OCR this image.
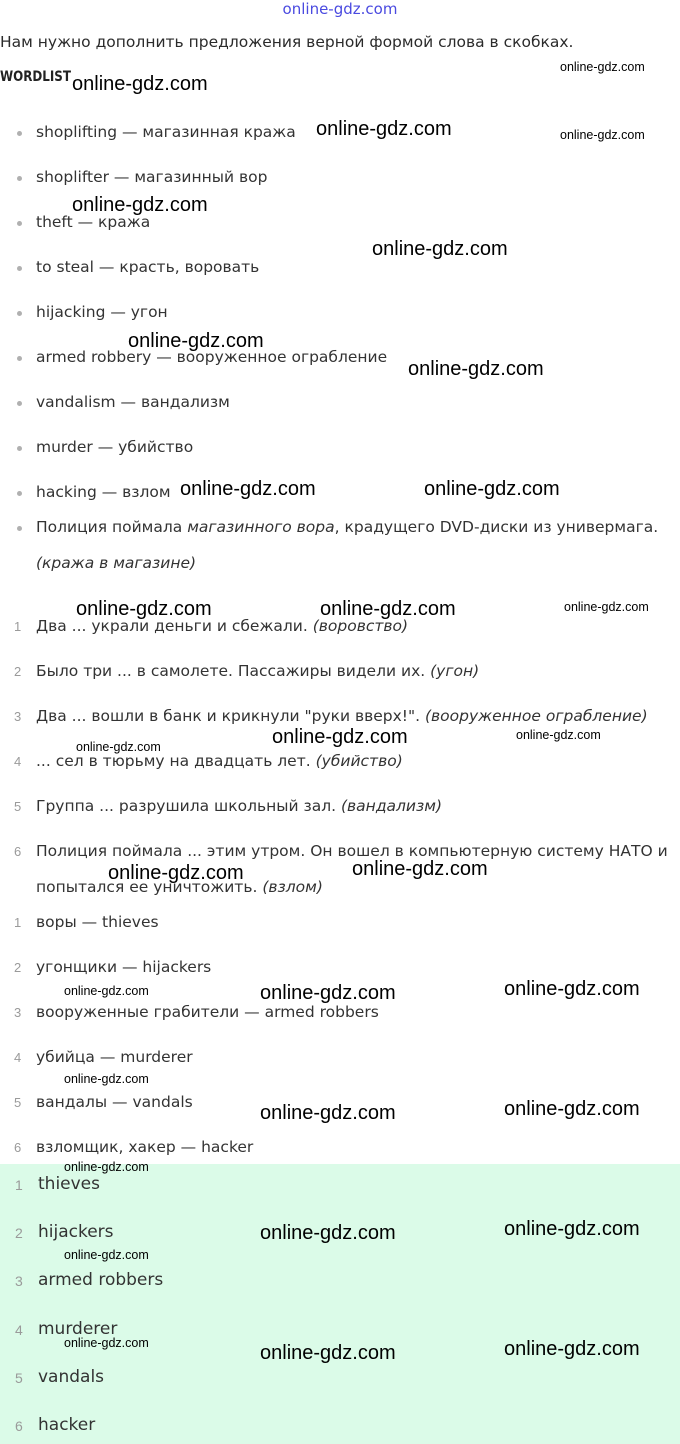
online-gdz.com
Нам нужно дополнить предложения верной формой слова в скобках.
WORDLIST
shoplifting — магазинная кража
shoplifter — магазинный вор
theft — кража
to steal — красть, воровать
hijacking — угон
armed robbery — вооруженное ограбление
vandalism — вандализм
murder — убийство
hacking — взлом
Полиция поймала магазинного вора, крадущего DVD-диски из универмага.
(кража в магазине)
1 Два ... украли деньги и сбежали. (воровство)
2 Было три ... в самолете. Пассажиры видели их. (угон)
3 Два ... вошли в банк и крикнули "руки вверх!". (вооруженное ограбление)
4 ... сел в тюрьму на двадцать лет. (убийство)
5 Группа ... разрушила школьный зал. (вандализм)
6 Полиция поймала ... этим утром. Он вошел в компьютерную систему НАТО и
попытался ее уничтожить. (взлом)
1 воры — thieves
2 угонщики — hijackers
3 вооруженные грабители — armed robbers
4 убийца — murderer
5 вандалы — vandals
6 взломщик, хакер — hacker
1 thieves
2 hijackers
3 armed robbers
4 murderer
5 vandals
6 hacker
online-gdz.com
online-gdz.com
online-gdz.com	online-gdz.com
online-gdz.com
online-gdz.com
online-gdz.com
online-gdz.com
online-gdz.com	online-gdz.com
online-gdz.com	online-gdz.com	online-gdz.com
online-gdz.com	online-gdz.com
online-gdz.com
online-gdz.com	online-gdz.com
online-gdz.com	online-gdz.com	online-gdz.com
online-gdz.com
online-gdz.com	online-gdz.com
online-gdz.com
online-gdz.com	online-gdz.com
online-gdz.com
online-gdz.com	online-gdz.com	online-gdz.com
